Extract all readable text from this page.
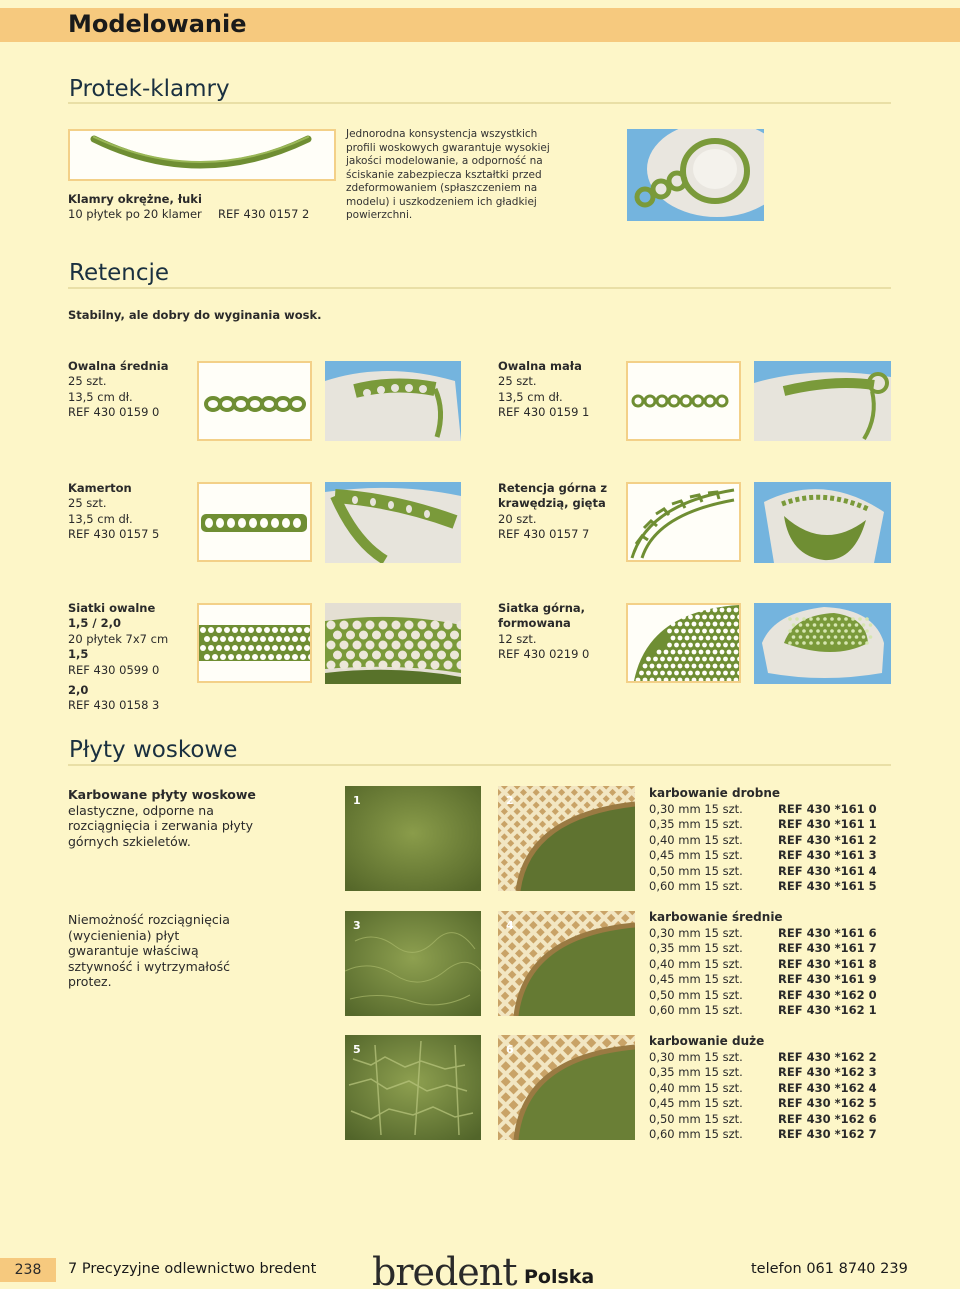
Modelowanie
Protek-klamry
Klamry okrężne, łuki
10 płytek po 20 klamer REF 430 0157 2
Jednorodna konsystencja wszystkich profili woskowych gwarantuje wysokiej jakości modelowanie, a odporność na ściskanie zabezpiecza kształtki przed zdeformowaniem (spłaszczeniem na modelu) i uszkodzeniem ich gładkiej powierzchni.
Retencje
Stabilny, ale dobry do wyginania wosk.
Owalna średnia
25 szt.
13,5 cm dł.
REF 430 0159 0
Owalna mała
25 szt.
13,5 cm dł.
REF 430 0159 1
Kamerton
25 szt.
13,5 cm dł.
REF 430 0157 5
Retencja górna z
krawędzią, gięta
20 szt.
REF 430 0157 7
Siatki owalne
1,5 / 2,0
20 płytek 7x7 cm
1,5
REF 430 0599 0
2,0
REF 430 0158 3
Siatka górna,
formowana
12 szt.
REF 430 0219 0
Płyty woskowe
Karbowane płyty woskowe
elastyczne, odporne na rozciągnięcia i zerwania płyty górnych szkieletów.
Niemożność rozciągnięcia (wycienienia) płyt gwarantuje właściwą sztywność i wytrzymałość protez.
1	2
3	4
5	6
karbowanie drobne
0,30 mm 15 szt.	REF 430 *161 0
0,35 mm 15 szt.	REF 430 *161 1
0,40 mm 15 szt.	REF 430 *161 2
0,45 mm 15 szt.	REF 430 *161 3
0,50 mm 15 szt.	REF 430 *161 4
0,60 mm 15 szt.	REF 430 *161 5
karbowanie średnie
0,30 mm 15 szt.	REF 430 *161 6
0,35 mm 15 szt.	REF 430 *161 7
0,40 mm 15 szt.	REF 430 *161 8
0,45 mm 15 szt.	REF 430 *161 9
0,50 mm 15 szt.	REF 430 *162 0
0,60 mm 15 szt.	REF 430 *162 1
karbowanie duże
0,30 mm 15 szt.	REF 430 *162 2
0,35 mm 15 szt.	REF 430 *162 3
0,40 mm 15 szt.	REF 430 *162 4
0,45 mm 15 szt.	REF 430 *162 5
0,50 mm 15 szt.	REF 430 *162 6
0,60 mm 15 szt.	REF 430 *162 7
238	7 Precyzyjne odlewnictwo bredent bredent Polska	telefon 061 8740 239
